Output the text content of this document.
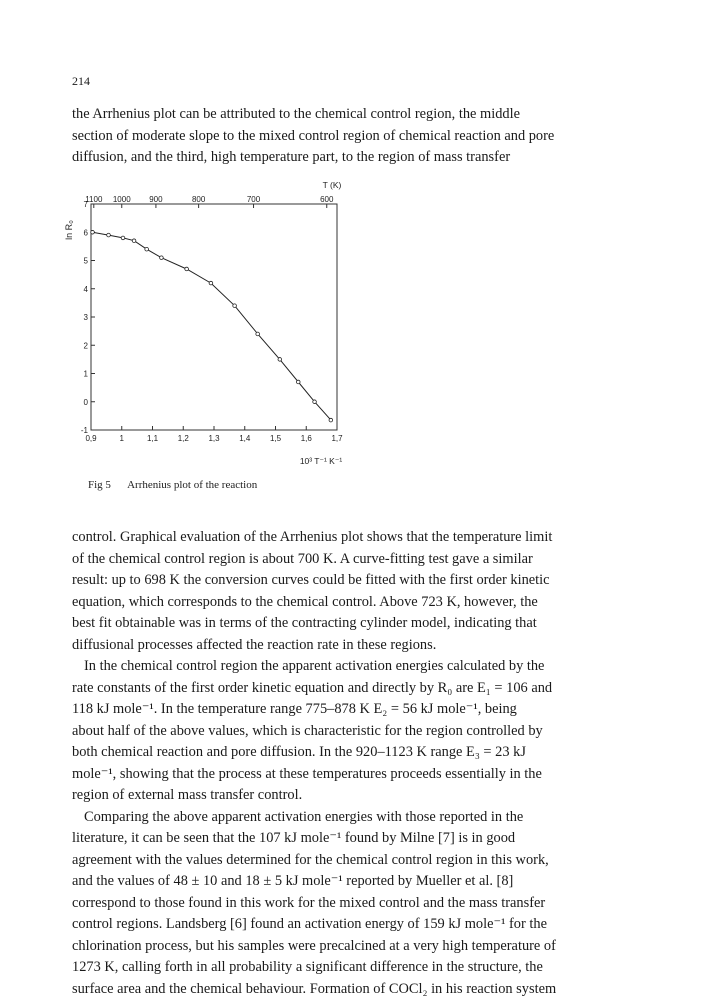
214
the Arrhenius plot can be attributed to the chemical control region, the middle
section of moderate slope to the mixed control region of chemical reaction and pore
diffusion, and the third, high temperature part, to the region of mass transfer
0,9	1	1,1 1,2 1,3 1,4 1,5 1,6 1,7
-1
0
1
2
3
4
5
6
7
1100 1000 900	800	700	600
T (K)
ln R₀
10³ T⁻¹ K⁻¹
Fig 5 Arrhenius plot of the reaction
control. Graphical evaluation of the Arrhenius plot shows that the temperature limit
of the chemical control region is about 700 K. A curve-fitting test gave a similar
result: up to 698 K the conversion curves could be fitted with the first order kinetic
equation, which corresponds to the chemical control. Above 723 K, however, the
best fit obtainable was in terms of the contracting cylinder model, indicating that
diffusional processes affected the reaction rate in these regions.
In the chemical control region the apparent activation energies calculated by the
rate constants of the first order kinetic equation and directly by R₀ are E₁ = 106 and
118 kJ mole⁻¹. In the temperature range 775–878 K E₂ = 56 kJ mole⁻¹, being
about half of the above values, which is characteristic for the region controlled by
both chemical reaction and pore diffusion. In the 920–1123 K range E₃ = 23 kJ
mole⁻¹, showing that the process at these temperatures proceeds essentially in the
region of external mass transfer control.
Comparing the above apparent activation energies with those reported in the
literature, it can be seen that the 107 kJ mole⁻¹ found by Milne [7] is in good
agreement with the values determined for the chemical control region in this work,
and the values of 48 ± 10 and 18 ± 5 kJ mole⁻¹ reported by Mueller et al. [8]
correspond to those found in this work for the mixed control and the mass transfer
control regions. Landsberg [6] found an activation energy of 159 kJ mole⁻¹ for the
chlorination process, but his samples were precalcined at a very high temperature of
1273 K, calling forth in all probability a significant difference in the structure, the
surface area and the chemical behaviour. Formation of COCl₂ in his reaction system
